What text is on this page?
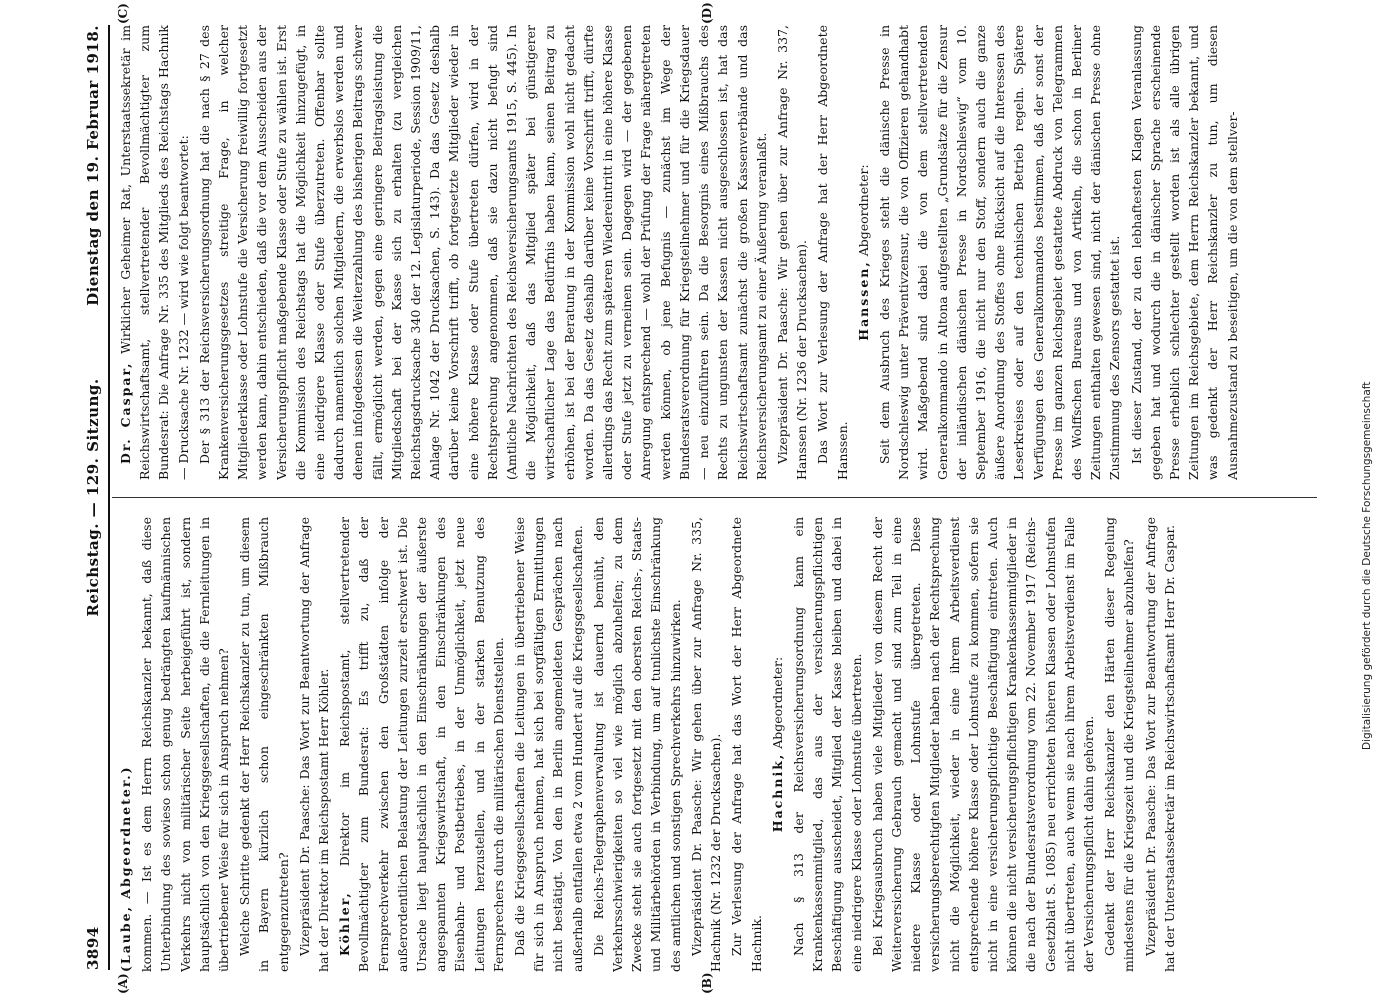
3894
Reichstag. — 129. Sitzung.
Dienstag den 19. Februar 1918.
(A)	(B)
(C)	(D)

(Laube, Abgeordneter.) kommen. — Ist es dem Herrn Reichskanzler bekannt, daß diese Unterbindung des sowieso schon genug bedrängten kaufmännischen Verkehrs nicht von militärischer Seite herbeigeführt ist, sondern hauptsächlich von den Kriegsgesellschaften, die die Fernleitungen in übertriebener Weise für sich in Anspruch nehmen? Welche Schritte gedenkt der Herr Reichskanzler zu tun, um diesem in Bayern kürzlich schon eingeschränkten Mißbrauch entgegenzutreten? Vizepräsident Dr. Paasche: Das Wort zur Beantwortung der Anfrage hat der Direktor im Reichspostamt Herr Köhler. Köhler, Direktor im Reichspostamt, stellvertretender Bevollmächtigter zum Bundesrat: Es trifft zu, daß der Fernsprechverkehr zwischen den Großstädten infolge der außerordentlichen Belastung der Leitungen zurzeit erschwert ist. Die Ursache liegt hauptsächlich in den Einschränkungen der äußerste angespannten Kriegswirtschaft, in den Einschränkungen des Eisenbahn- und Postbetriebes, in der Unmöglichkeit, jetzt neue Leitungen herzustellen, und in der starken Benutzung des Fernsprechers durch die militärischen Dienststellen. Daß die Kriegsgesellschaften die Leitungen in übertriebener Weise für sich in Anspruch nehmen, hat sich bei sorgfältigen Ermittlungen nicht bestätigt. Von den in Berlin angemeldeten Gesprächen nach außerhalb entfallen etwa 2 vom Hundert auf die Kriegsgesellschaften. Die Reichs-Telegraphenverwaltung ist dauernd bemüht, den Verkehrsschwierigkeiten so viel wie möglich abzuhelfen; zu dem Zwecke steht sie auch fortgesetzt mit den obersten Reichs-, Staats- und Militärbehörden in Verbindung, um auf tunlichste Einschränkung des amtlichen und sonstigen Sprechverkehrs hinzuwirken. Vizepräsident Dr. Paasche: Wir gehen über zur Anfrage Nr. 335, Hachnik (Nr. 1232 der Drucksachen). Zur Verlesung der Anfrage hat das Wort der Herr Abgeordnete Hachnik.

Hachnik, Abgeordneter: Nach § 313 der Reichsversicherungsordnung kann ein Krankenkassenmitglied, das aus der versicherungspflichtigen Beschäftigung ausscheidet, Mitglied der Kasse bleiben und dabei in eine niedrigere Klasse oder Lohnstufe übertreten. Bei Kriegsausbruch haben viele Mitglieder von diesem Recht der Weiterversicherung Gebrauch gemacht und sind zum Teil in eine niedere Klasse oder Lohnstufe übergetreten. Diese versicherungsberechtigten Mitglieder haben nach der Rechtsprechung nicht die Möglichkeit, wieder in eine ihrem Arbeitsverdienst entsprechende höhere Klasse oder Lohnstufe zu kommen, sofern sie nicht in eine versicherungspflichtige Beschäftigung eintreten. Auch können die nicht versicherungspflichtigen Krankenkassenmitglieder in die nach der Bundesratsverordnung vom 22. November 1917 (Reichs-Gesetzblatt S. 1085) neu errichteten höheren Klassen oder Lohnstufen nicht übertreten, auch wenn sie nach ihrem Arbeitsverdienst im Falle der Versicherungspflicht dahin gehören. Gedenkt der Herr Reichskanzler den Härten dieser Regelung mindestens für die Kriegszeit und die Kriegsteilnehmer abzuhelfen? Vizepräsident Dr. Paasche: Das Wort zur Beantwortung der Anfrage hat der Unterstaatssekretär im Reichswirtschaftsamt Herr Dr. Caspar.

Dr. Caspar, Wirklicher Geheimer Rat, Unterstaatssekretär im Reichswirtschaftsamt, stellvertretender Bevollmächtigter zum Bundesrat: Die Anfrage Nr. 335 des Mitglieds des Reichstags Hachnik — Drucksache Nr. 1232 — wird wie folgt beantwortet: Der § 313 der Reichsversicherungsordnung hat die nach § 27 des Krankenversicherungsgesetzes streitige Frage, in welcher Mitgliederklasse oder Lohnstufe die Versicherung freiwillig fortgesetzt werden kann, dahin entschieden, daß die vor dem Ausscheiden aus der Versicherungspflicht maßgebende Klasse oder Stufe zu wählen ist. Erst die Kommission des Reichstags hat die Möglichkeit hinzugefügt, in eine niedrigere Klasse oder Stufe überzutreten. Offenbar sollte dadurch namentlich solchen Mitgliedern, die erwerbslos werden und denen infolgedessen die Weiterzahlung des bisherigen Beitrags schwer fällt, ermöglicht werden, gegen eine geringere Beitragsleistung die Mitgliedschaft bei der Kasse sich zu erhalten (zu vergleichen Reichstagsdrucksache 340 der 12. Legislaturperiode, Session 1909/11, Anlage Nr. 1042 der Drucksachen, S. 143). Da das Gesetz deshalb darüber keine Vorschrift trifft, ob fortgesetzte Mitglieder wieder in eine höhere Klasse oder Stufe übertreten dürfen, wird in der Rechtsprechung angenommen, daß sie dazu nicht befugt sind (Amtliche Nachrichten des Reichsversicherungsamts 1915, S. 445). In die Möglichkeit, daß das Mitglied später bei günstigerer wirtschaftlicher Lage das Bedürfnis haben kann, seinen Beitrag zu erhöhen, ist bei der Beratung in der Kommission wohl nicht gedacht worden. Da das Gesetz deshalb darüber keine Vorschrift trifft, dürfte allerdings das Recht zum späteren Wiedereintritt in eine höhere Klasse oder Stufe jetzt zu verneinen sein. Dagegen wird — der gegebenen Anregung entsprechend — wohl der Prüfung der Frage nähergetreten werden können, ob jene Befugnis — zunächst im Wege der Bundesratsverordnung für Kriegsteilnehmer und für die Kriegsdauer — neu einzuführen sein. Da die Besorgnis eines Mißbrauchs des Rechts zu ungunsten der Kassen nicht ausgeschlossen ist, hat das Reichswirtschaftsamt zunächst die großen Kassenverbände und das Reichsversicherungsamt zu einer Äußerung veranlaßt. Vizepräsident Dr. Paasche: Wir gehen über zur Anfrage Nr. 337, Hanssen (Nr. 1236 der Drucksachen). Das Wort zur Verlesung der Anfrage hat der Herr Abgeordnete Hanssen.

Hanssen, Abgeordneter: Seit dem Ausbruch des Krieges steht die dänische Presse in Nordschleswig unter Präventivzensur, die von Offizieren gehandhabt wird. Maßgebend sind dabei die von dem stellvertretenden Generalkommando in Altona aufgestellten „Grundsätze für die Zensur der inländischen dänischen Presse in Nordschleswig“ vom 10. September 1916, die nicht nur den Stoff, sondern auch die ganze äußere Anordnung des Stoffes ohne Rücksicht auf die Interessen des Leserkreises oder auf den technischen Betrieb regeln. Spätere Verfügungen des Generalkommandos bestimmen, daß der sonst der Presse im ganzen Reichsgebiet gestattete Abdruck von Telegrammen des Wolffschen Bureaus und von Artikeln, die schon in Berliner Zeitungen enthalten gewesen sind, nicht der dänischen Presse ohne Zustimmung des Zensors gestattet ist. Ist dieser Zustand, der zu den lebhaftesten Klagen Veranlassung gegeben hat und wodurch die in dänischer Sprache erscheinende Presse erheblich schlechter gestellt worden ist als alle übrigen Zeitungen im Reichsgebiete, dem Herrn Reichskanzler bekannt, und was gedenkt der Herr Reichskanzler zu tun, um diesen Ausnahmezustand zu beseitigen, um die von dem stellver-

Digitalisierung gefördert durch die Deutsche Forschungsgemeinschaft
